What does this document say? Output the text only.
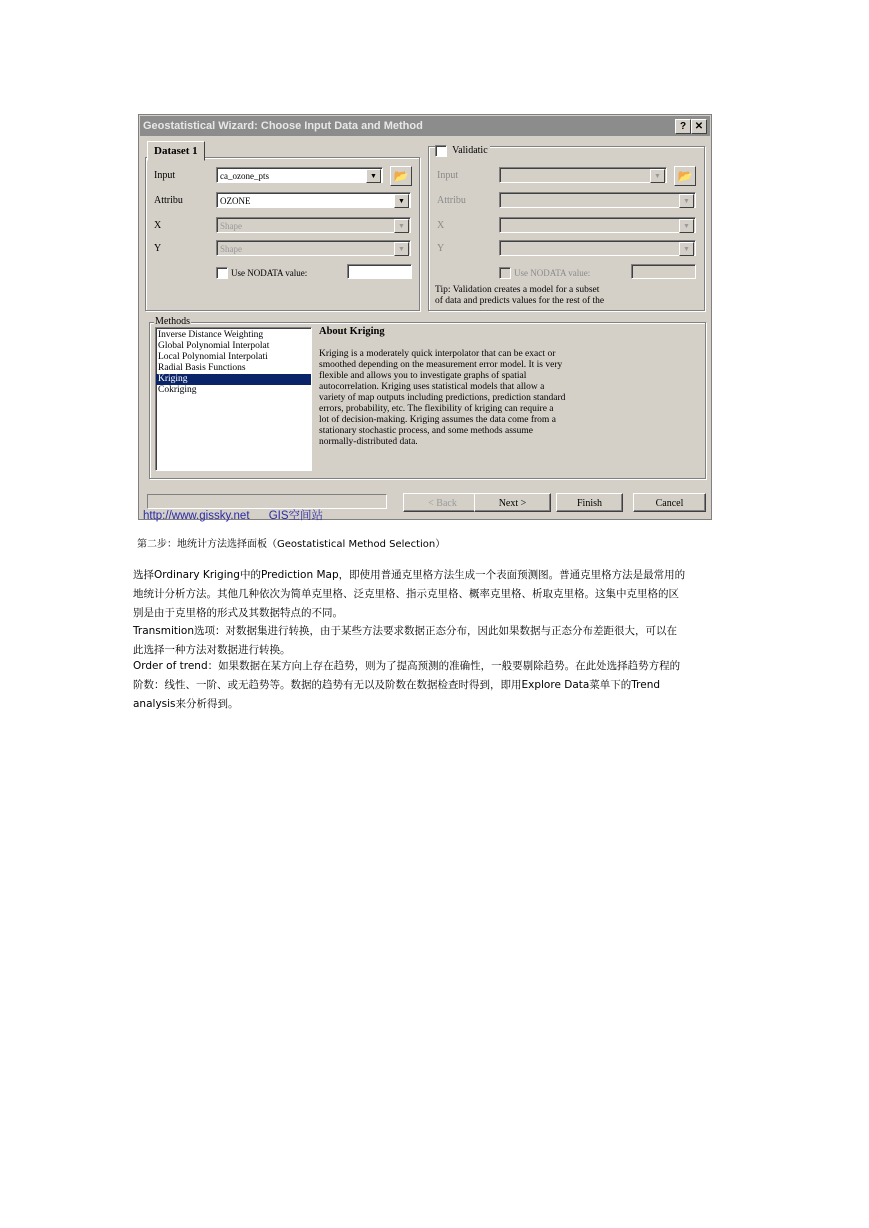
Geostatistical Wizard: Choose Input Data and Method	? ✕
Dataset 1
Input	ca_ozone_pts	▼	📂
Attribu	OZONE	▼
X	Shape	▼
Y	Shape	▼
Use NODATA value:
Validatic
Input	▼	📂
Attribu	▼
X	▼
Y	▼
Use NODATA value:
Tip: Validation creates a model for a subset
of data and predicts values for the rest of the
Methods
Inverse Distance Weighting
Global Polynomial Interpolat
Local Polynomial Interpolati
Radial Basis Functions
Kriging
Cokriging
About Kriging
Kriging is a moderately quick interpolator that can be exact or
smoothed depending on the measurement error model. It is very
flexible and allows you to investigate graphs of spatial
autocorrelation. Kriging uses statistical models that allow a
variety of map outputs including predictions, prediction standard
errors, probability, etc. The flexibility of kriging can require a
lot of decision-making. Kriging assumes the data come from a
stationary stochastic process, and some methods assume
normally-distributed data.
< Back	Next >	Finish	Cancel
http://www.gissky.net      GIS空间站
第二步：地统计方法选择面板（Geostatistical Method Selection）
选择Ordinary Kriging中的Prediction Map，即使用普通克里格方法生成一个表面预测图。普通克里格方法是最常用的
地统计分析方法。其他几种依次为简单克里格、泛克里格、指示克里格、概率克里格、析取克里格。这集中克里格的区
别是由于克里格的形式及其数据特点的不同。
Transmition选项：对数据集进行转换，由于某些方法要求数据正态分布，因此如果数据与正态分布差距很大，可以在
此选择一种方法对数据进行转换。
Order of trend：如果数据在某方向上存在趋势，则为了提高预测的准确性，一般要剔除趋势。在此处选择趋势方程的
阶数：线性、一阶、或无趋势等。数据的趋势有无以及阶数在数据检查时得到，即用Explore Data菜单下的Trend
analysis来分析得到。
